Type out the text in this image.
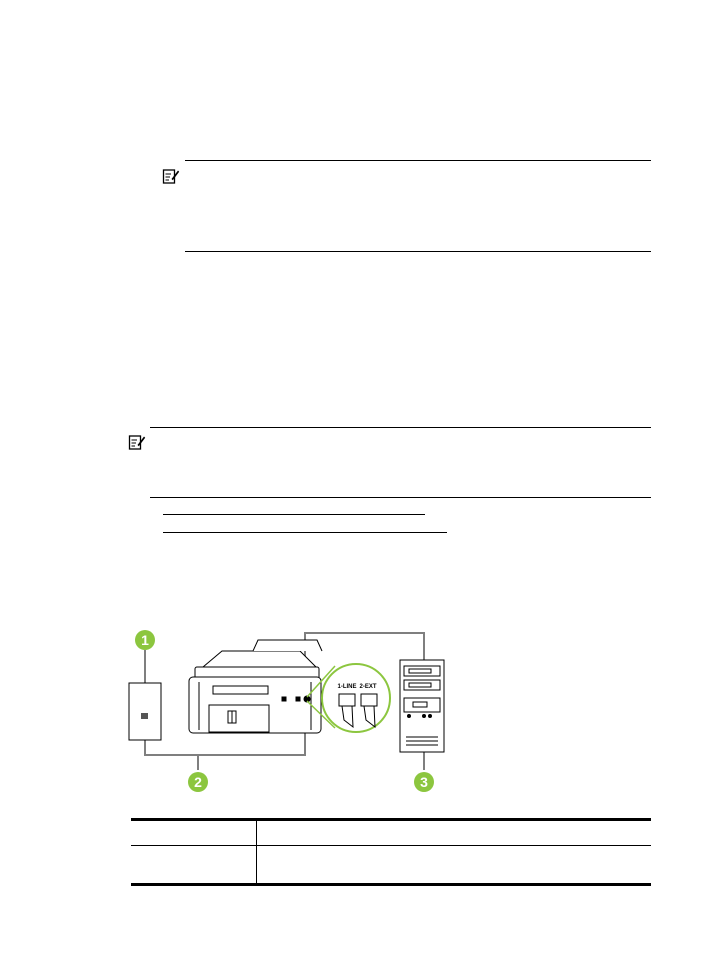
1-LINE 2-EXT
1
2	3
